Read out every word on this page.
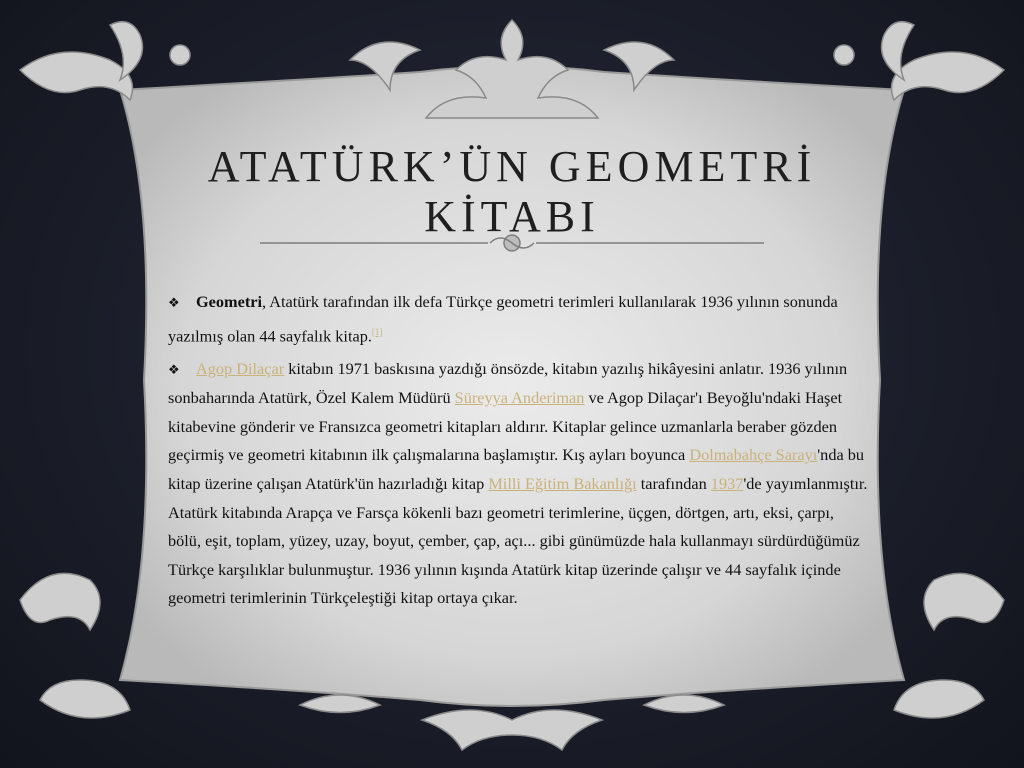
ATATÜRK’ÜN GEOMETRİ
KİTABI

❖ Geometri, Atatürk tarafından ilk defa Türkçe geometri terimleri kullanılarak 1936 yılının sonunda yazılmış olan 44 sayfalık kitap.[1]

❖ Agop Dilaçar kitabın 1971 baskısına yazdığı önsözde, kitabın yazılış hikâyesini anlatır. 1936 yılının sonbaharında Atatürk, Özel Kalem Müdürü Süreyya Anderiman ve Agop Dilaçar'ı Beyoğlu'ndaki Haşet kitabevine gönderir ve Fransızca geometri kitapları aldırır. Kitaplar gelince uzmanlarla beraber gözden geçirmiş ve geometri kitabının ilk çalışmalarına başlamıştır. Kış ayları boyunca Dolmabahçe Sarayı'nda bu kitap üzerine çalışan Atatürk'ün hazırladığı kitap Milli Eğitim Bakanlığı tarafından 1937'de yayımlanmıştır. Atatürk kitabında Arapça ve Farsça kökenli bazı geometri terimlerine, üçgen, dörtgen, artı, eksi, çarpı, bölü, eşit, toplam, yüzey, uzay, boyut, çember, çap, açı... gibi günümüzde hala kullanmayı sürdürdüğümüz Türkçe karşılıklar bulunmuştur. 1936 yılının kışında Atatürk kitap üzerinde çalışır ve 44 sayfalık içinde geometri terimlerinin Türkçeleştiği kitap ortaya çıkar.
